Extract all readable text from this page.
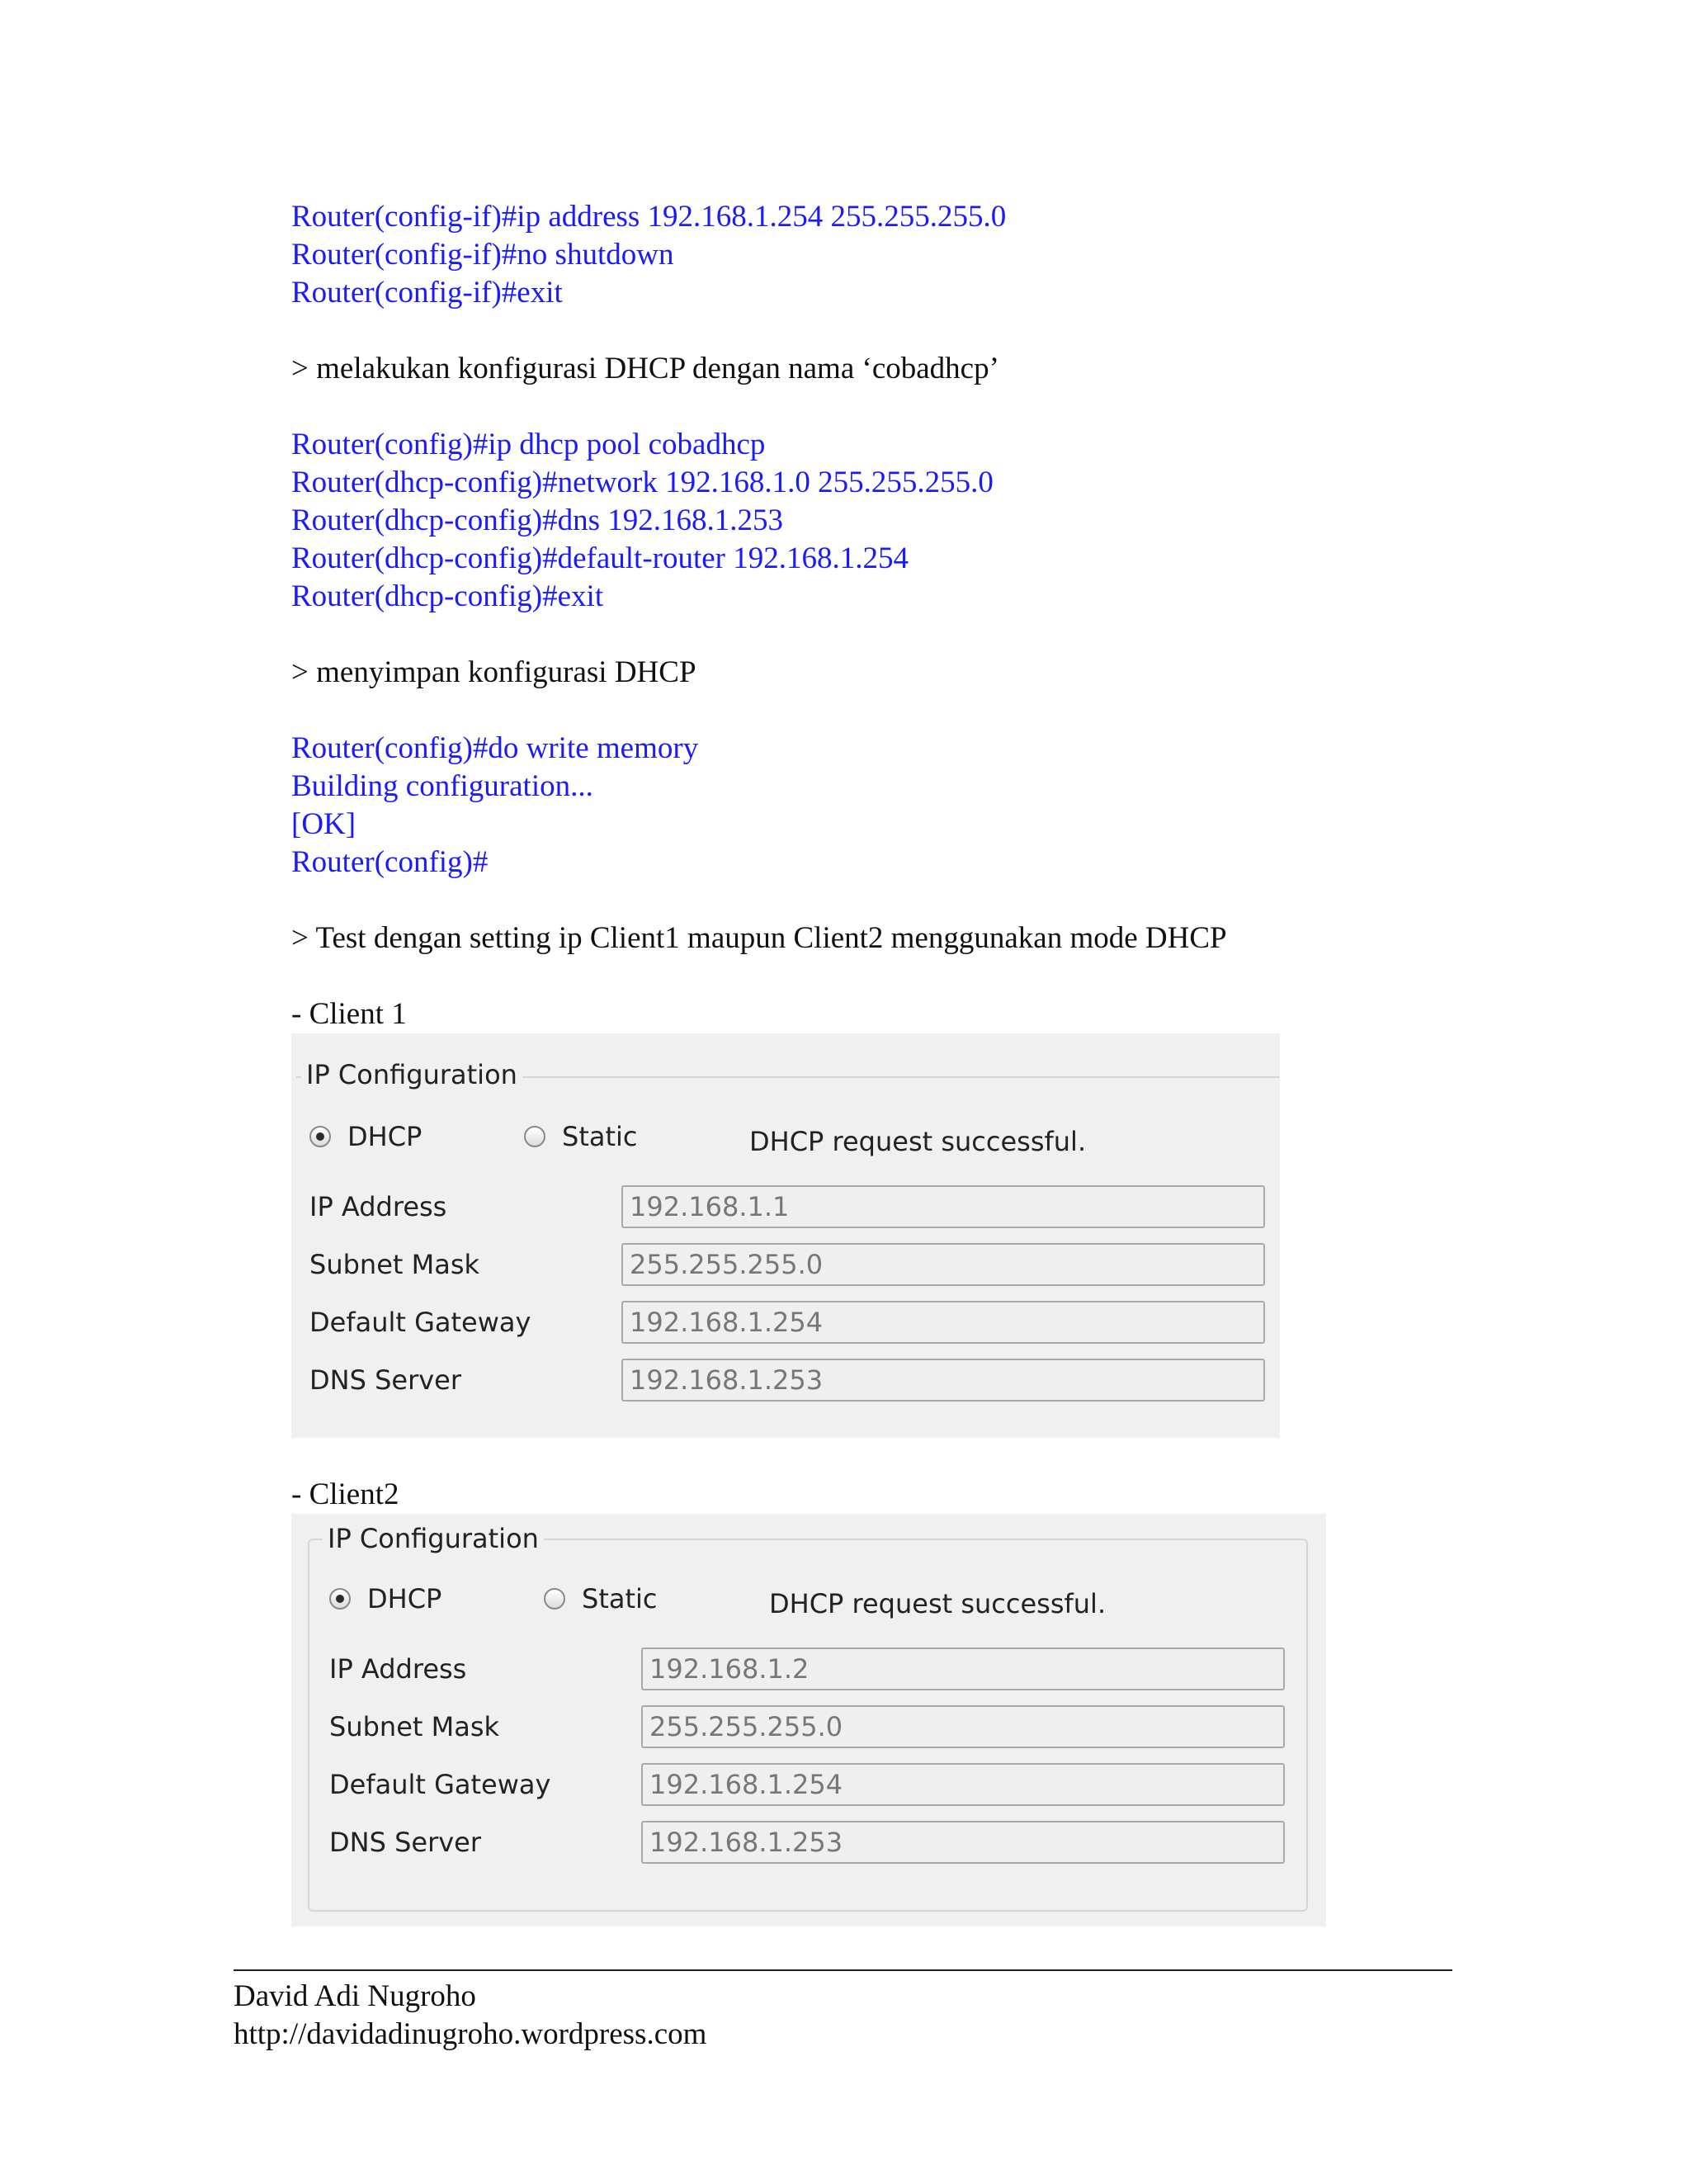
Router(config-if)#ip address 192.168.1.254 255.255.255.0
Router(config-if)#no shutdown
Router(config-if)#exit
> melakukan konfigurasi DHCP dengan nama ‘cobadhcp’
Router(config)#ip dhcp pool cobadhcp
Router(dhcp-config)#network 192.168.1.0 255.255.255.0
Router(dhcp-config)#dns 192.168.1.253
Router(dhcp-config)#default-router 192.168.1.254
Router(dhcp-config)#exit
> menyimpan konfigurasi DHCP
Router(config)#do write memory
Building configuration...
[OK]
Router(config)#
> Test dengan setting ip Client1 maupun Client2 menggunakan mode DHCP
- Client 1
IP Configuration
DHCP	Static	DHCP request successful.
IP Address
192.168.1.1
Subnet Mask
255.255.255.0
Default Gateway
192.168.1.254
DNS Server
192.168.1.253
- Client2
IP Configuration
DHCP	Static	DHCP request successful.
IP Address
192.168.1.2
Subnet Mask
255.255.255.0
Default Gateway
192.168.1.254
DNS Server
192.168.1.253
David Adi Nugroho
http://davidadinugroho.wordpress.com
